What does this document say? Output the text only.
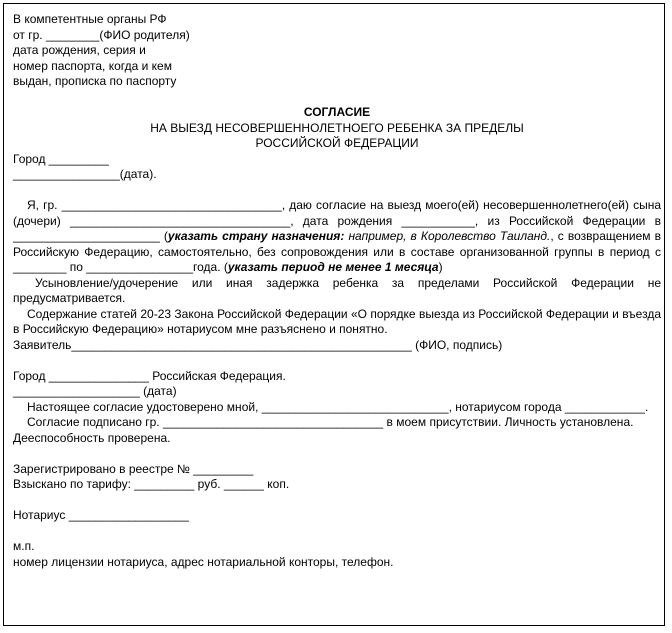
В компетентные органы РФ
от гр. ________(ФИО родителя)
дата рождения, серия и
номер паспорта, когда и кем
выдан, прописка по паспорту
СОГЛАСИЕ
НА ВЫЕЗД НЕСОВЕРШЕННОЛЕТНОЕГО РЕБЕНКА ЗА ПРЕДЕЛЫ
РОССИЙСКОЙ ФЕДЕРАЦИИ
Город _________
________________(дата).
Я, гр. _________________________________, даю согласие на выезд моего(ей) несовершеннолетнего(ей) сына (дочери) _________________________________, дата рождения ___________, из Российской Федерации в ______________________ (указать страну назначения: например, в Королевство Таиланд., с возвращением в Российскую Федерацию, самостоятельно, без сопровождения или в составе организованной группы в период с ________ по ________________года. (указать период не менее 1 месяца)
Усыновление/удочерение или иная задержка ребенка за пределами Российской Федерации не предусматривается.
Содержание статей 20-23 Закона Российской Федерации «О порядке выезда из Российской Федерации и въезда в Российскую Федерацию» нотариусом мне разъяснено и понятно.
Заявитель___________________________________________________ (ФИО, подпись)
Город _______________ Российская Федерация.
___________________ (дата)
Настоящее согласие удостоверено мной, ____________________________, нотариусом города ____________.
Согласие подписано гр. _________________________________ в моем присутствии. Личность установлена. Дееспособность проверена.
Зарегистрировано в реестре № _________
Взыскано по тарифу: _________ руб. ______ коп.
Нотариус __________________
м.п.
номер лицензии нотариуса, адрес нотариальной конторы, телефон.
